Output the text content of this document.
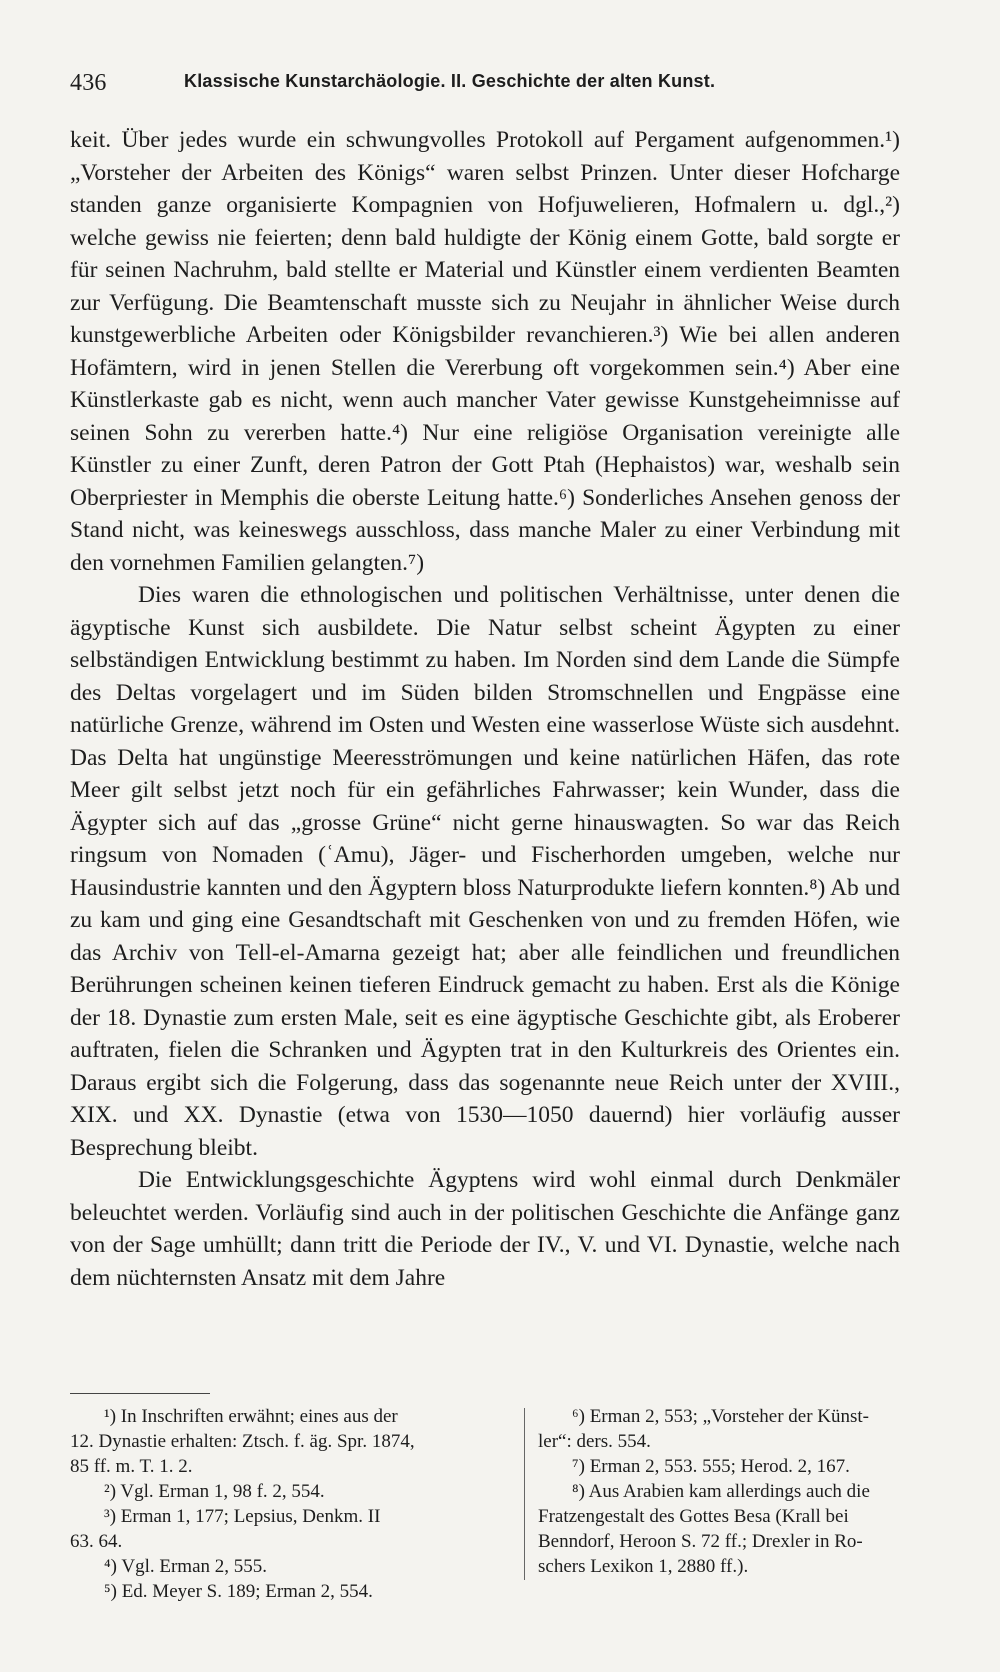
436	Klassische Kunstarchäologie. II. Geschichte der alten Kunst.

keit. Über jedes wurde ein schwungvolles Protokoll auf Pergament aufgenommen.¹) „Vorsteher der Arbeiten des Königs“ waren selbst Prinzen. Unter dieser Hofcharge standen ganze organisierte Kompagnien von Hofjuwelieren, Hofmalern u. dgl.,²) welche gewiss nie feierten; denn bald huldigte der König einem Gotte, bald sorgte er für seinen Nachruhm, bald stellte er Material und Künstler einem verdienten Beamten zur Verfügung. Die Beamtenschaft musste sich zu Neujahr in ähnlicher Weise durch kunstgewerbliche Arbeiten oder Königsbilder revanchieren.³) Wie bei allen anderen Hofämtern, wird in jenen Stellen die Vererbung oft vorgekommen sein.⁴) Aber eine Künstlerkaste gab es nicht, wenn auch mancher Vater gewisse Kunstgeheimnisse auf seinen Sohn zu vererben hatte.⁴) Nur eine religiöse Organisation vereinigte alle Künstler zu einer Zunft, deren Patron der Gott Ptah (Hephaistos) war, weshalb sein Oberpriester in Memphis die oberste Leitung hatte.⁶) Sonderliches Ansehen genoss der Stand nicht, was keineswegs ausschloss, dass manche Maler zu einer Verbindung mit den vornehmen Familien gelangten.⁷)

Dies waren die ethnologischen und politischen Verhältnisse, unter denen die ägyptische Kunst sich ausbildete. Die Natur selbst scheint Ägypten zu einer selbständigen Entwicklung bestimmt zu haben. Im Norden sind dem Lande die Sümpfe des Deltas vorgelagert und im Süden bilden Stromschnellen und Engpässe eine natürliche Grenze, während im Osten und Westen eine wasserlose Wüste sich ausdehnt. Das Delta hat ungünstige Meeresströmungen und keine natürlichen Häfen, das rote Meer gilt selbst jetzt noch für ein gefährliches Fahrwasser; kein Wunder, dass die Ägypter sich auf das „grosse Grüne“ nicht gerne hinauswagten. So war das Reich ringsum von Nomaden (ʿAmu), Jäger- und Fischerhorden umgeben, welche nur Hausindustrie kannten und den Ägyptern bloss Naturprodukte liefern konnten.⁸) Ab und zu kam und ging eine Gesandtschaft mit Geschenken von und zu fremden Höfen, wie das Archiv von Tell-el-Amarna gezeigt hat; aber alle feindlichen und freundlichen Berührungen scheinen keinen tieferen Eindruck gemacht zu haben. Erst als die Könige der 18. Dynastie zum ersten Male, seit es eine ägyptische Geschichte gibt, als Eroberer auftraten, fielen die Schranken und Ägypten trat in den Kulturkreis des Orientes ein. Daraus ergibt sich die Folgerung, dass das sogenannte neue Reich unter der XVIII., XIX. und XX. Dynastie (etwa von 1530—1050 dauernd) hier vorläufig ausser Besprechung bleibt.

Die Entwicklungsgeschichte Ägyptens wird wohl einmal durch Denkmäler beleuchtet werden. Vorläufig sind auch in der politischen Geschichte die Anfänge ganz von der Sage umhüllt; dann tritt die Periode der IV., V. und VI. Dynastie, welche nach dem nüchternsten Ansatz mit dem Jahre

¹) In Inschriften erwähnt; eines aus der
12. Dynastie erhalten: Ztsch. f. äg. Spr. 1874,
85 ff. m. T. 1. 2.
²) Vgl. Erman 1, 98 f. 2, 554.
³) Erman 1, 177; Lepsius, Denkm. II
63. 64.
⁴) Vgl. Erman 2, 555.
⁵) Ed. Meyer S. 189; Erman 2, 554.
⁶) Erman 2, 553; „Vorsteher der Künst-
ler“: ders. 554.
⁷) Erman 2, 553. 555; Herod. 2, 167.
⁸) Aus Arabien kam allerdings auch die
Fratzengestalt des Gottes Besa (Krall bei
Benndorf, Heroon S. 72 ff.; Drexler in Ro-
schers Lexikon 1, 2880 ff.).
